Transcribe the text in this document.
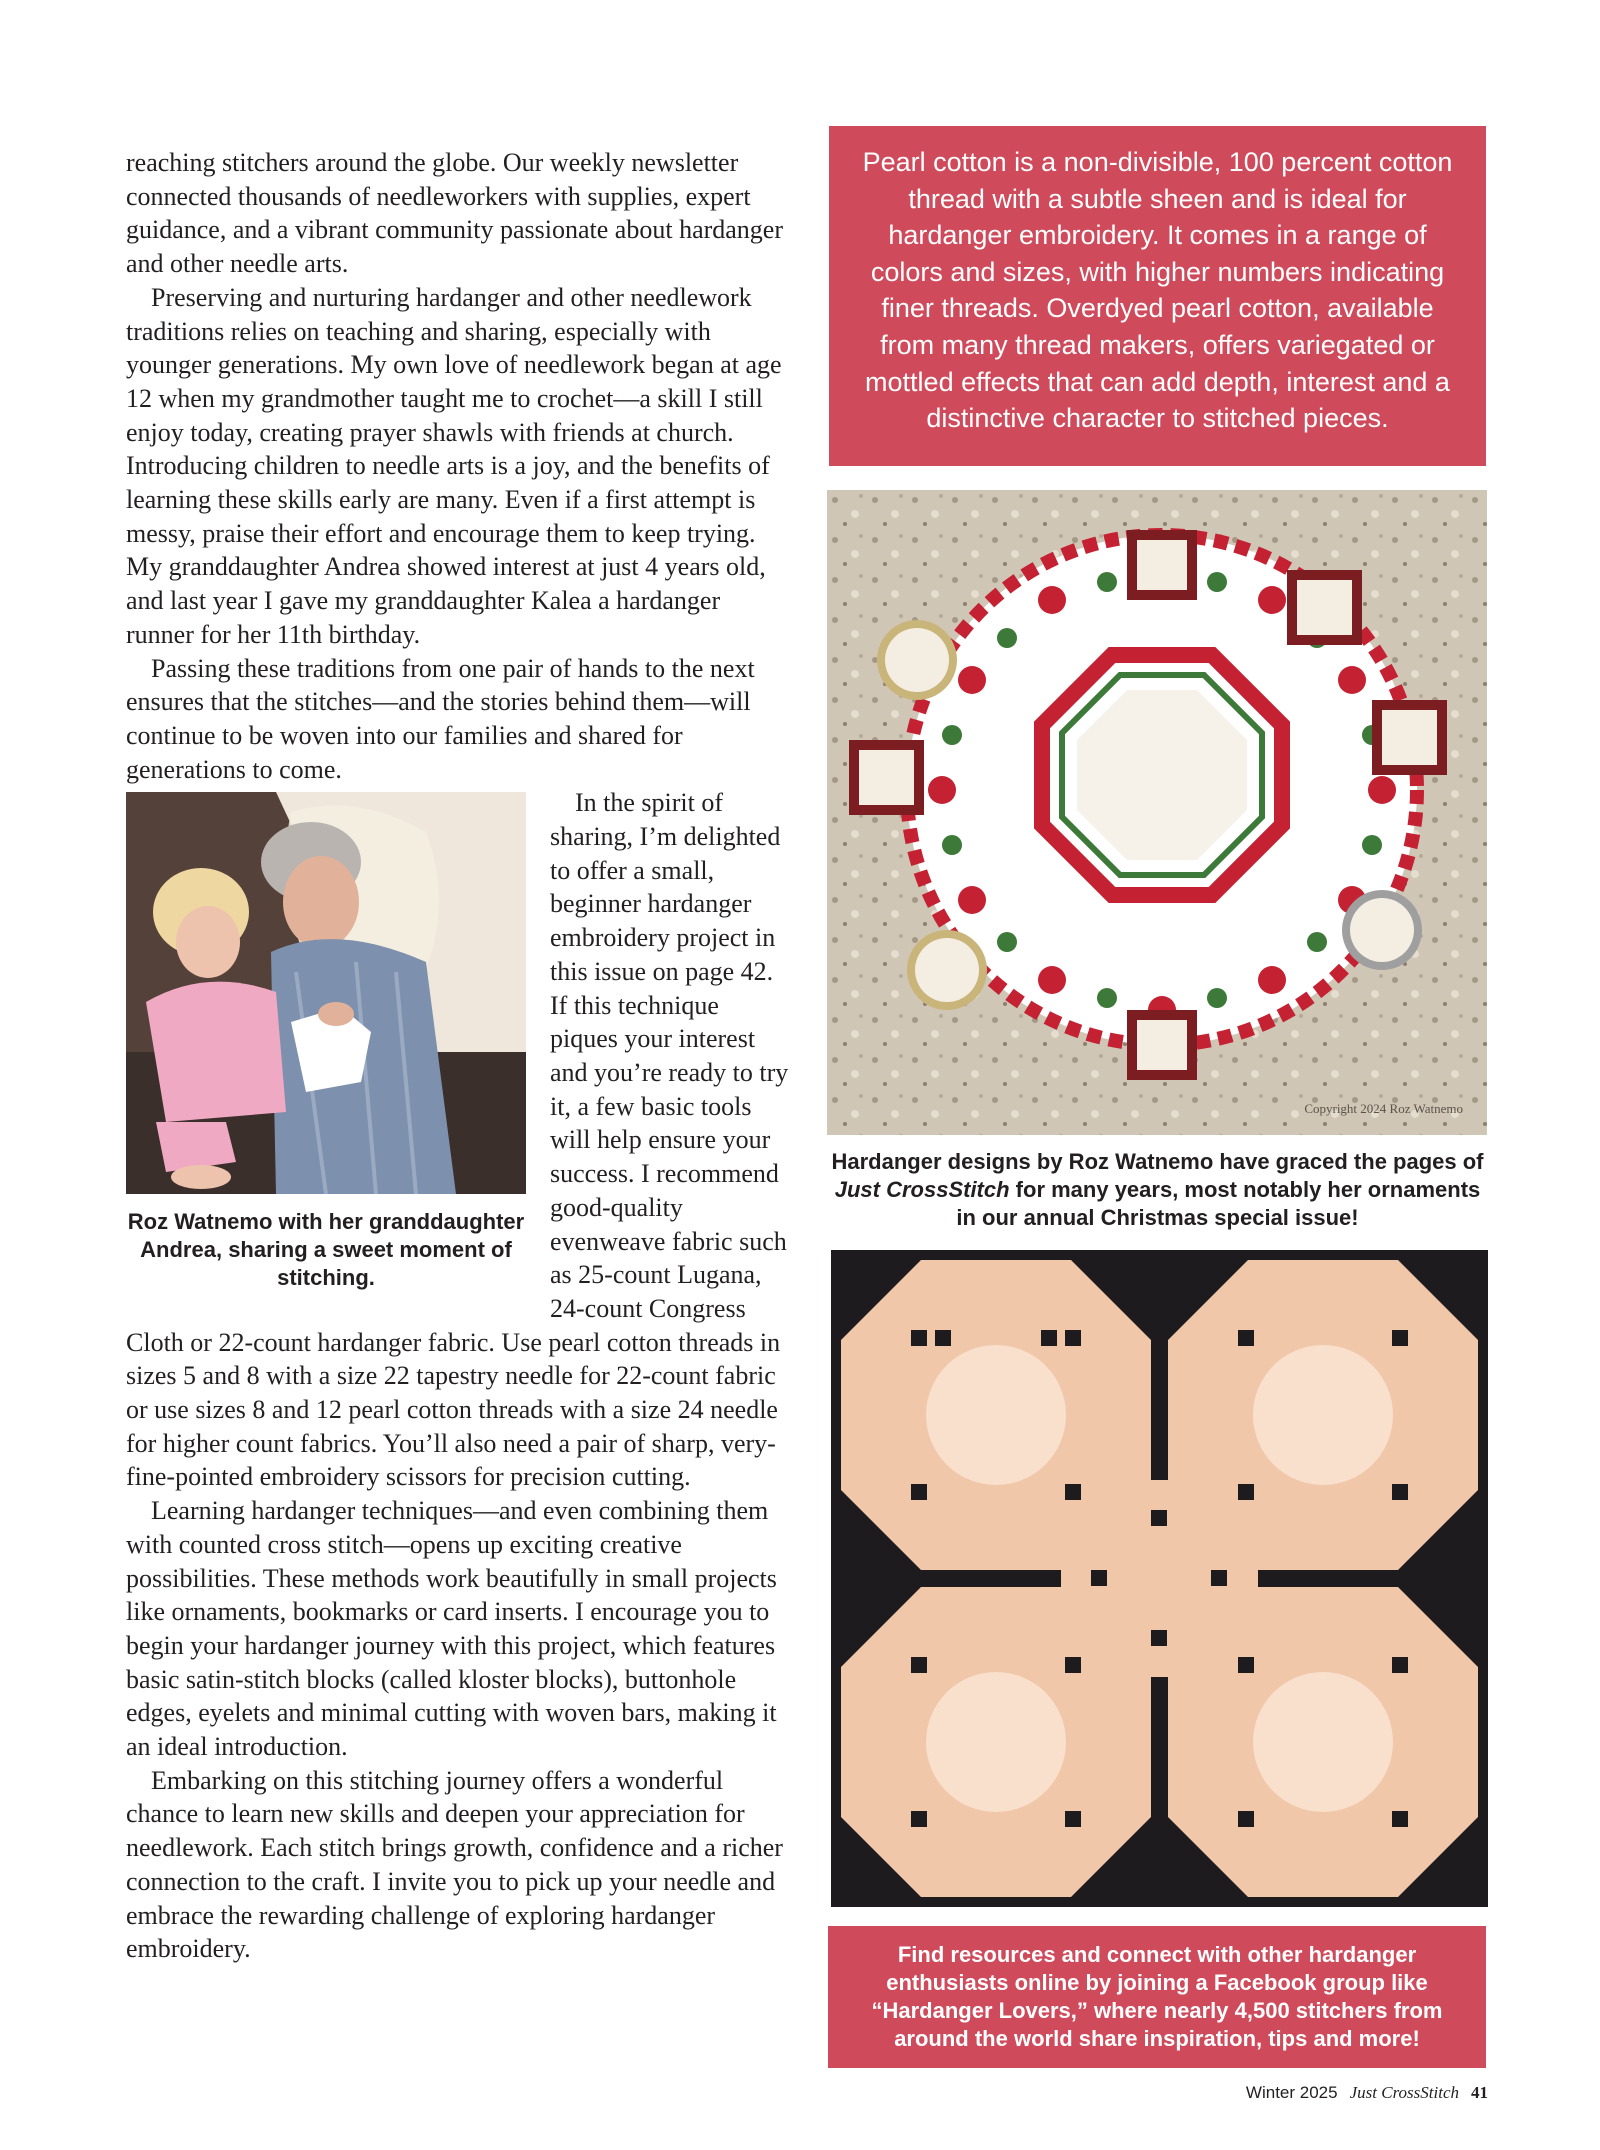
reaching stitchers around the globe. Our weekly newsletter connected thousands of needleworkers with supplies, expert guidance, and a vibrant community passionate about hardanger and other needle arts.

Preserving and nurturing hardanger and other needlework traditions relies on teaching and sharing, especially with younger generations. My own love of needlework began at age 12 when my grandmother taught me to crochet—a skill I still enjoy today, creating prayer shawls with friends at church. Introducing children to needle arts is a joy, and the benefits of learning these skills early are many. Even if a first attempt is messy, praise their effort and encourage them to keep trying. My granddaughter Andrea showed interest at just 4 years old, and last year I gave my granddaughter Kalea a hardanger runner for her 11th birthday.

Passing these traditions from one pair of hands to the next ensures that the stitches—and the stories behind them—will continue to be woven into our families and shared for generations to come.

Roz Watnemo with her granddaughter Andrea, sharing a sweet moment of stitching.

In the spirit of sharing, I’m delighted to offer a small, beginner hardanger embroidery project in this issue on page 42. If this technique piques your interest and you’re ready to try it, a few basic tools will help ensure your success. I recommend good-quality evenweave fabric such as 25-count Lugana, 24-count Congress Cloth or 22-count hardanger fabric. Use pearl cotton threads in sizes 5 and 8 with a size 22 tapestry needle for 22-count fabric or use sizes 8 and 12 pearl cotton threads with a size 24 needle for higher count fabrics. You’ll also need a pair of sharp, very-fine-pointed embroidery scissors for precision cutting.

Learning hardanger techniques—and even combining them with counted cross stitch—opens up exciting creative possibilities. These methods work beautifully in small projects like ornaments, bookmarks or card inserts. I encourage you to begin your hardanger journey with this project, which features basic satin-stitch blocks (called kloster blocks), buttonhole edges, eyelets and minimal cutting with woven bars, making it an ideal introduction.

Embarking on this stitching journey offers a wonderful chance to learn new skills and deepen your appreciation for needlework. Each stitch brings growth, confidence and a richer connection to the craft. I invite you to pick up your needle and embrace the rewarding challenge of exploring hardanger embroidery.

Pearl cotton is a non-divisible, 100 percent cotton thread with a subtle sheen and is ideal for hardanger embroidery. It comes in a range of colors and sizes, with higher numbers indicating finer threads. Overdyed pearl cotton, available from many thread makers, offers variegated or mottled effects that can add depth, interest and a distinctive character to stitched pieces.
Copyright 2024 Roz Watnemo
Hardanger designs by Roz Watnemo have graced the pages of Just CrossStitch for many years, most notably her ornaments in our annual Christmas special issue!
Find resources and connect with other hardanger enthusiasts online by joining a Facebook group like “Hardanger Lovers,” where nearly 4,500 stitchers from around the world share inspiration, tips and more!
Winter 2025 Just CrossStitch 41
